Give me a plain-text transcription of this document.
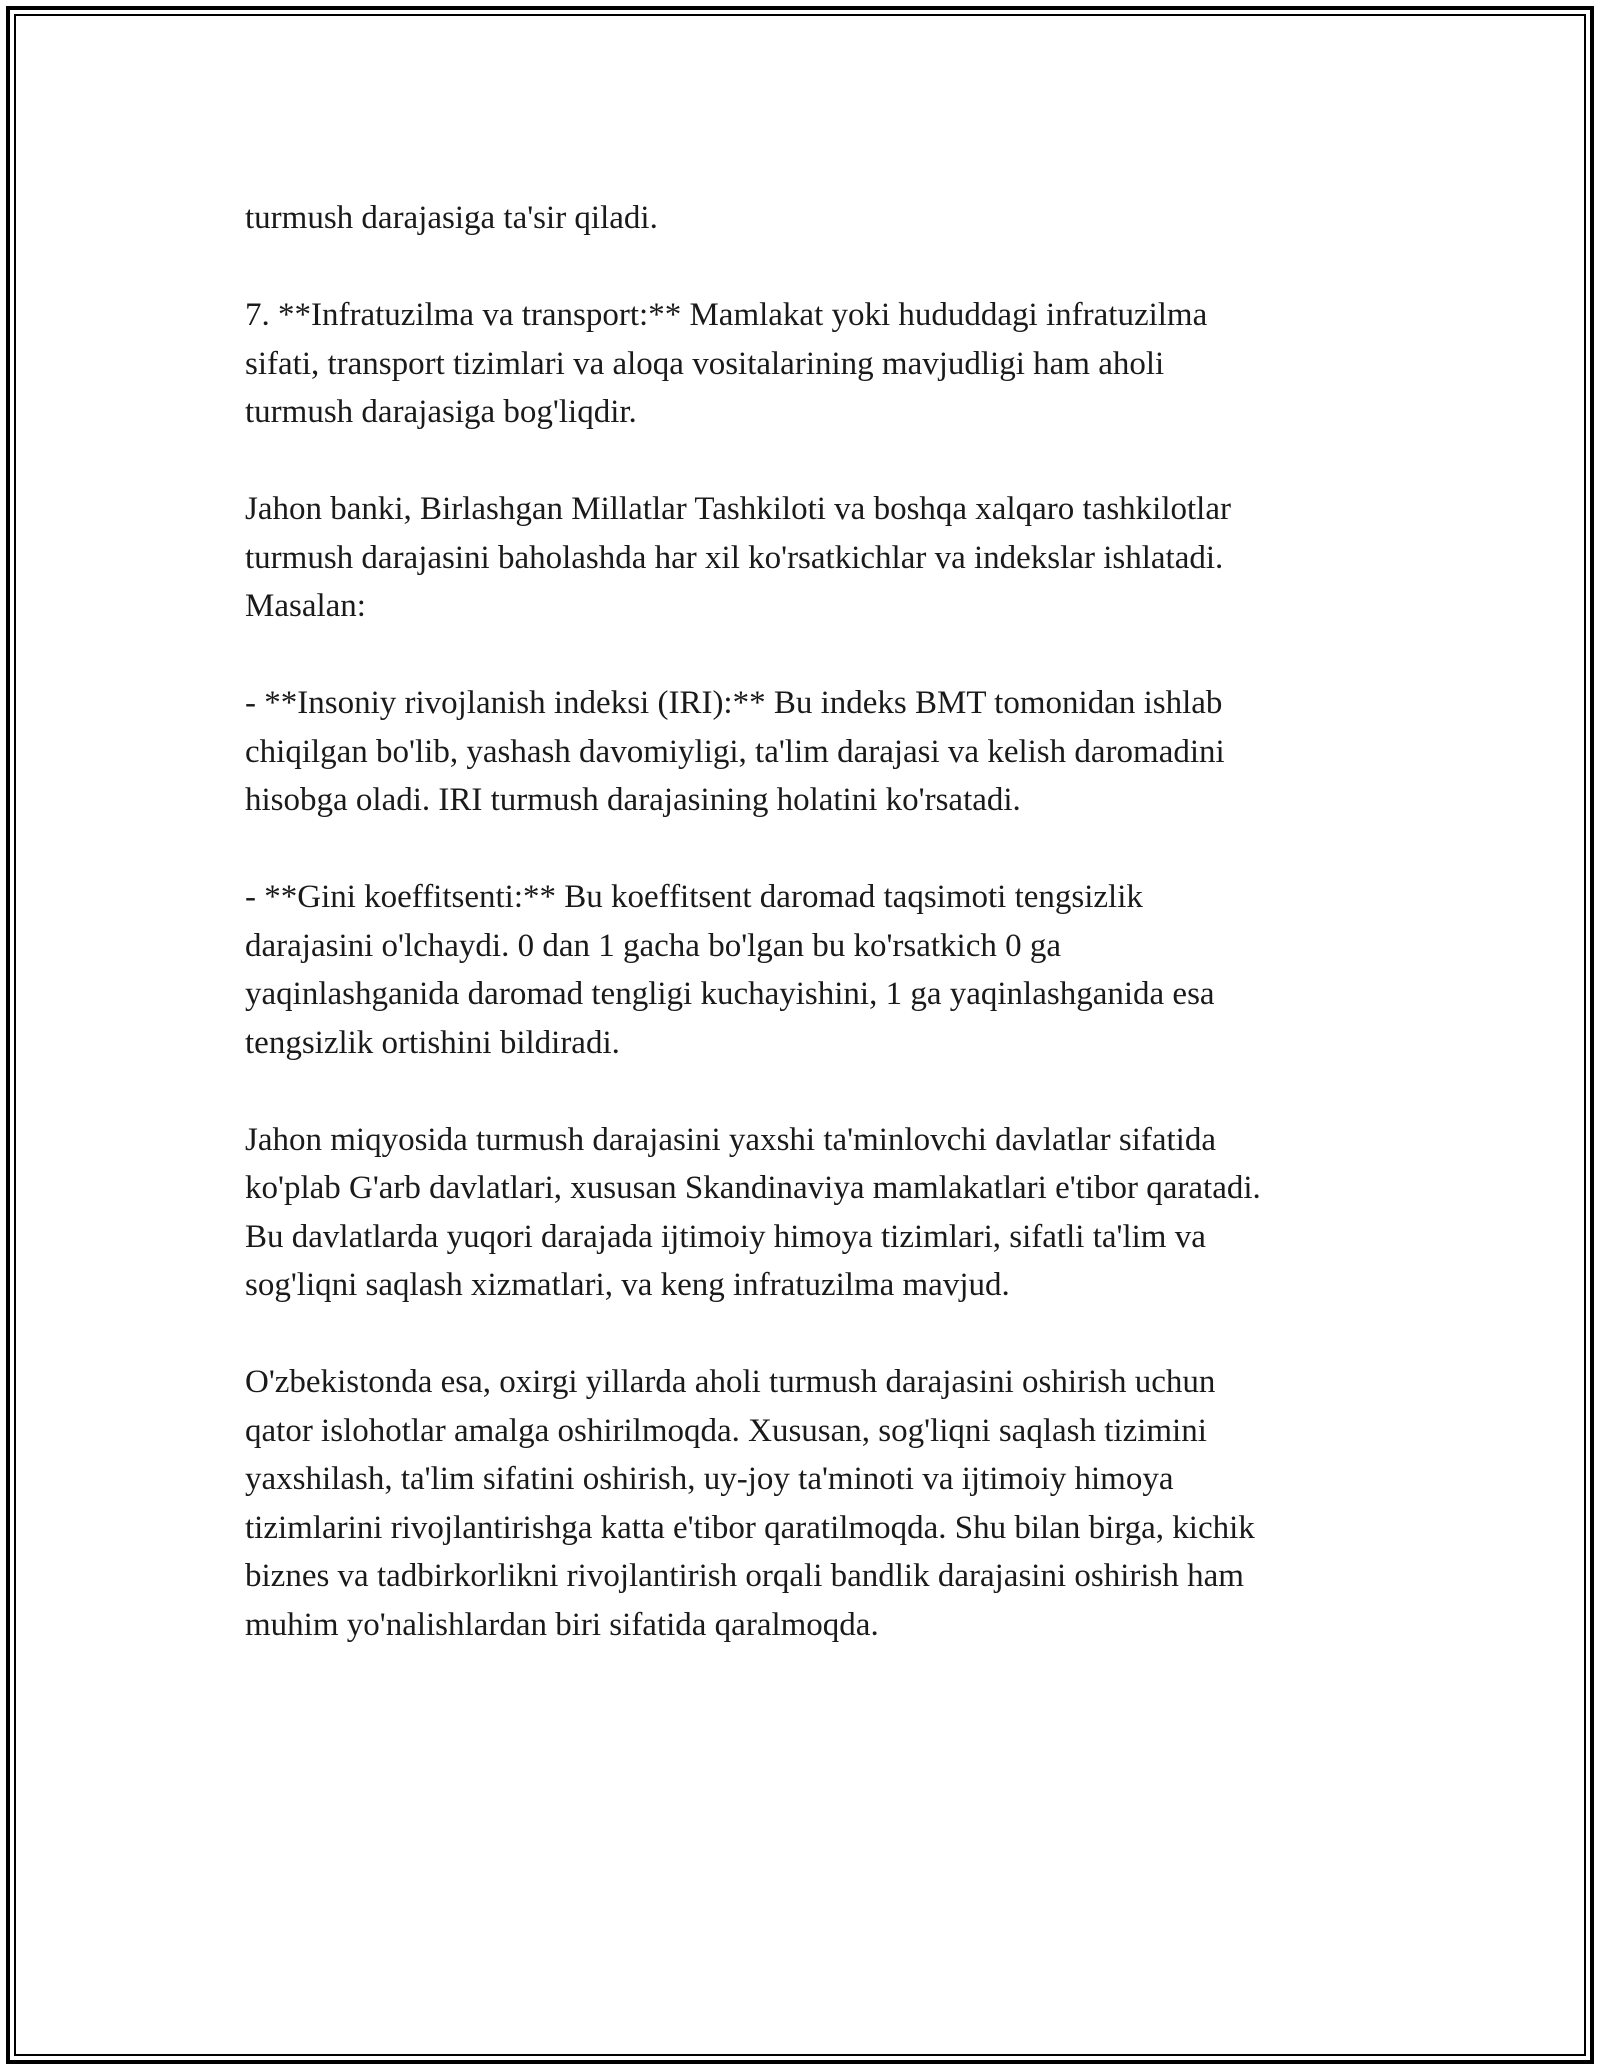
turmush darajasiga ta'sir qiladi.

7. **Infratuzilma va transport:** Mamlakat yoki hududdagi infratuzilma
sifati, transport tizimlari va aloqa vositalarining mavjudligi ham aholi
turmush darajasiga bog'liqdir.

Jahon banki, Birlashgan Millatlar Tashkiloti va boshqa xalqaro tashkilotlar
turmush darajasini baholashda har xil ko'rsatkichlar va indekslar ishlatadi.
Masalan:

- **Insoniy rivojlanish indeksi (IRI):** Bu indeks BMT tomonidan ishlab
chiqilgan bo'lib, yashash davomiyligi, ta'lim darajasi va kelish daromadini
hisobga oladi. IRI turmush darajasining holatini ko'rsatadi.

- **Gini koeffitsenti:** Bu koeffitsent daromad taqsimoti tengsizlik
darajasini o'lchaydi. 0 dan 1 gacha bo'lgan bu ko'rsatkich 0 ga
yaqinlashganida daromad tengligi kuchayishini, 1 ga yaqinlashganida esa
tengsizlik ortishini bildiradi.

Jahon miqyosida turmush darajasini yaxshi ta'minlovchi davlatlar sifatida
ko'plab G'arb davlatlari, xususan Skandinaviya mamlakatlari e'tibor qaratadi.
Bu davlatlarda yuqori darajada ijtimoiy himoya tizimlari, sifatli ta'lim va
sog'liqni saqlash xizmatlari, va keng infratuzilma mavjud.

O'zbekistonda esa, oxirgi yillarda aholi turmush darajasini oshirish uchun
qator islohotlar amalga oshirilmoqda. Xususan, sog'liqni saqlash tizimini
yaxshilash, ta'lim sifatini oshirish, uy-joy ta'minoti va ijtimoiy himoya
tizimlarini rivojlantirishga katta e'tibor qaratilmoqda. Shu bilan birga, kichik
biznes va tadbirkorlikni rivojlantirish orqali bandlik darajasini oshirish ham
muhim yo'nalishlardan biri sifatida qaralmoqda.
